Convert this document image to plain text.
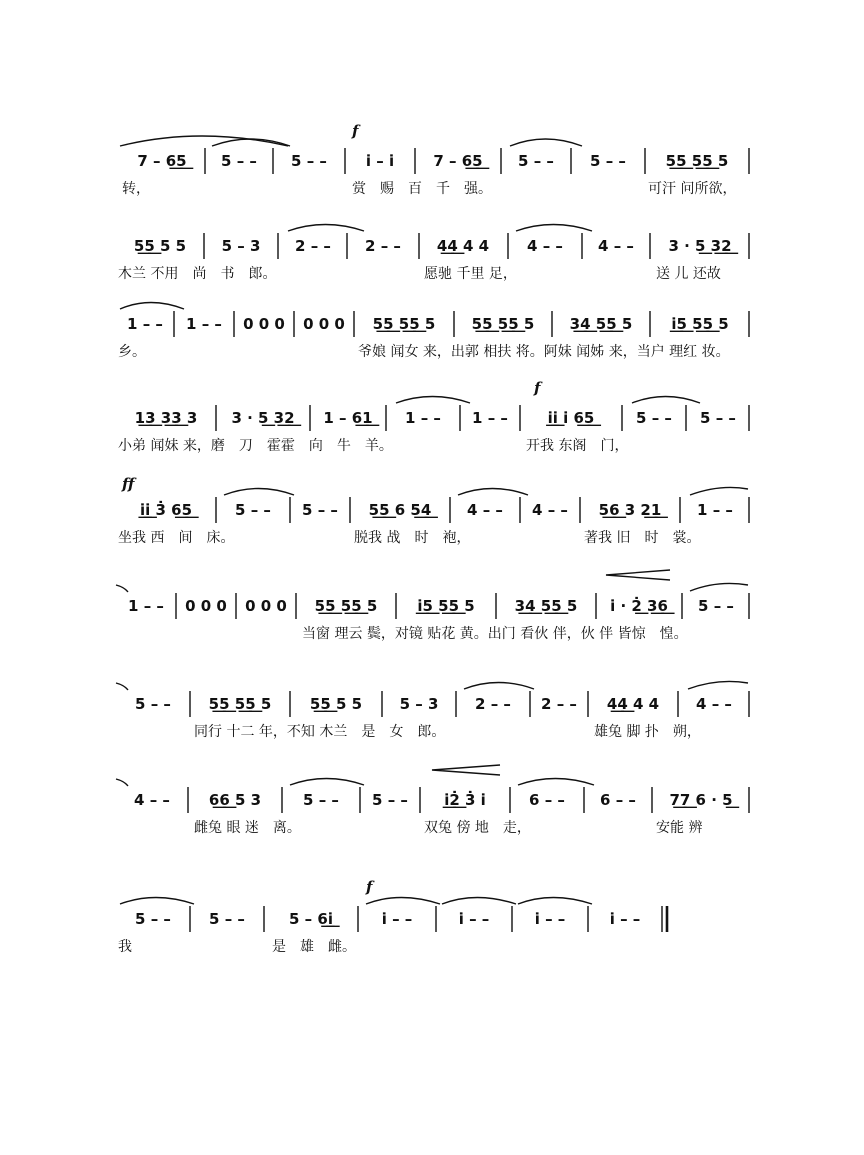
7 – 6͟5͟	5 – –	5 – –	i̇ – i̇	7 – 6͟5͟	5 – –	5 – –	5͟5͟ 5͟5͟ 5
转，	赏　赐　百　千　强。	可汗 问所欲，
f
5͟5͟ 5 5	5 – 3	2 – –	2 – –	4͟4͟ 4 4	4 – –	4 – –	3 · 5͟ 3͟2͟
木兰 不用　尚　书　郎。	愿驰 千里 足，	送 儿 还故
1 – –	1 – –	0 0 0	0 0 0	5͟5͟ 5͟5͟ 5	5͟5͟ 5͟5͟ 5	3͟4͟ 5͟5͟ 5	i̇͟5͟ 5͟5͟ 5
乡。	爷娘 闻女 来，出郭 相扶 将。阿妹 闻姊 来，当户 理红 妆。
1͟3͟ 3͟3͟ 3	3 · 5͟ 3͟2͟	1 – 6͟1͟	1 – –	1 – –	i̇͟i̇͟ i̇ 6͟5͟	5 – –	5 – –
小弟 闻妹 来，磨　刀　霍霍　向　牛　羊。	开我 东阁　门，
f
i̇͟i̇͟ 3̇ 6͟5͟	5 – –	5 – –	5͟5͟ 6 5͟4͟	4 – –	4 – –	5͟6͟ 3 2͟1͟	1 – –
坐我 西　间　床。	脱我 战　时　袍，	著我 旧　时　裳。
ff
1 – –	0 0 0	0 0 0	5͟5͟ 5͟5͟ 5	i̇͟5͟ 5͟5͟ 5	3͟4͟ 5͟5͟ 5	i̇ · 2̇͟ 3͟6͟	5 – –
当窗 理云 鬓，对镜 贴花 黄。出门 看伙 伴，伙 伴 皆惊　惶。
5 – –	5͟5͟ 5͟5͟ 5	5͟5͟ 5 5	5 – 3	2 – –	2 – –	4͟4͟ 4 4	4 – –
同行 十二 年，不知 木兰　是　女　郎。	雄兔 脚 扑　朔，
4 – –	6͟6͟ 5 3	5 – –	5 – –	i̇͟2̇͟ 3̇ i̇	6 – –	6 – –	7͟7͟ 6 · 5͟
雌兔 眼 迷　离。	双兔 傍 地　走，	安能 辨
5 – –	5 – –	5 – 6͟i̇͟	i̇ – –	i̇ – –	i̇ – –	i̇ – –
我	是　雄　雌。
f
